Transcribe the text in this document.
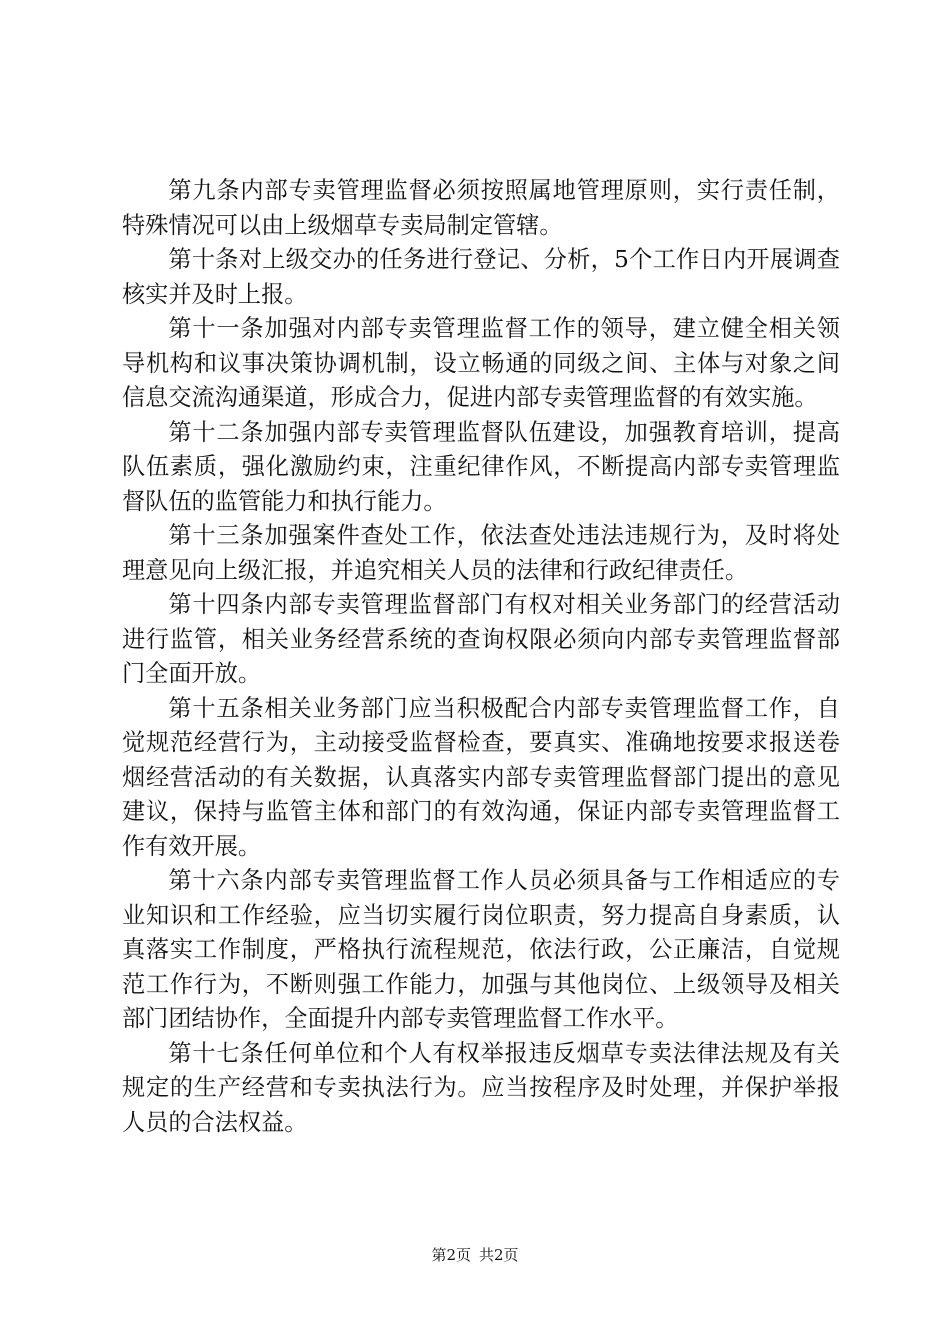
第九条内部专卖管理监督必须按照属地管理原则，实行责任制，特殊情况可以由上级烟草专卖局制定管辖。

第十条对上级交办的任务进行登记、分析，5个工作日内开展调查核实并及时上报。

第十一条加强对内部专卖管理监督工作的领导，建立健全相关领导机构和议事决策协调机制，设立畅通的同级之间、主体与对象之间信息交流沟通渠道，形成合力，促进内部专卖管理监督的有效实施。

第十二条加强内部专卖管理监督队伍建设，加强教育培训，提高队伍素质，强化激励约束，注重纪律作风，不断提高内部专卖管理监督队伍的监管能力和执行能力。

第十三条加强案件查处工作，依法查处违法违规行为，及时将处理意见向上级汇报，并追究相关人员的法律和行政纪律责任。

第十四条内部专卖管理监督部门有权对相关业务部门的经营活动进行监管，相关业务经营系统的查询权限必须向内部专卖管理监督部门全面开放。

第十五条相关业务部门应当积极配合内部专卖管理监督工作，自觉规范经营行为，主动接受监督检查，要真实、准确地按要求报送卷烟经营活动的有关数据，认真落实内部专卖管理监督部门提出的意见建议，保持与监管主体和部门的有效沟通，保证内部专卖管理监督工作有效开展。

第十六条内部专卖管理监督工作人员必须具备与工作相适应的专业知识和工作经验，应当切实履行岗位职责，努力提高自身素质，认真落实工作制度，严格执行流程规范，依法行政，公正廉洁，自觉规范工作行为，不断则强工作能力，加强与其他岗位、上级领导及相关部门团结协作，全面提升内部专卖管理监督工作水平。

第十七条任何单位和个人有权举报违反烟草专卖法律法规及有关规定的生产经营和专卖执法行为。应当按程序及时处理，并保护举报人员的合法权益。

第2页 共2页
